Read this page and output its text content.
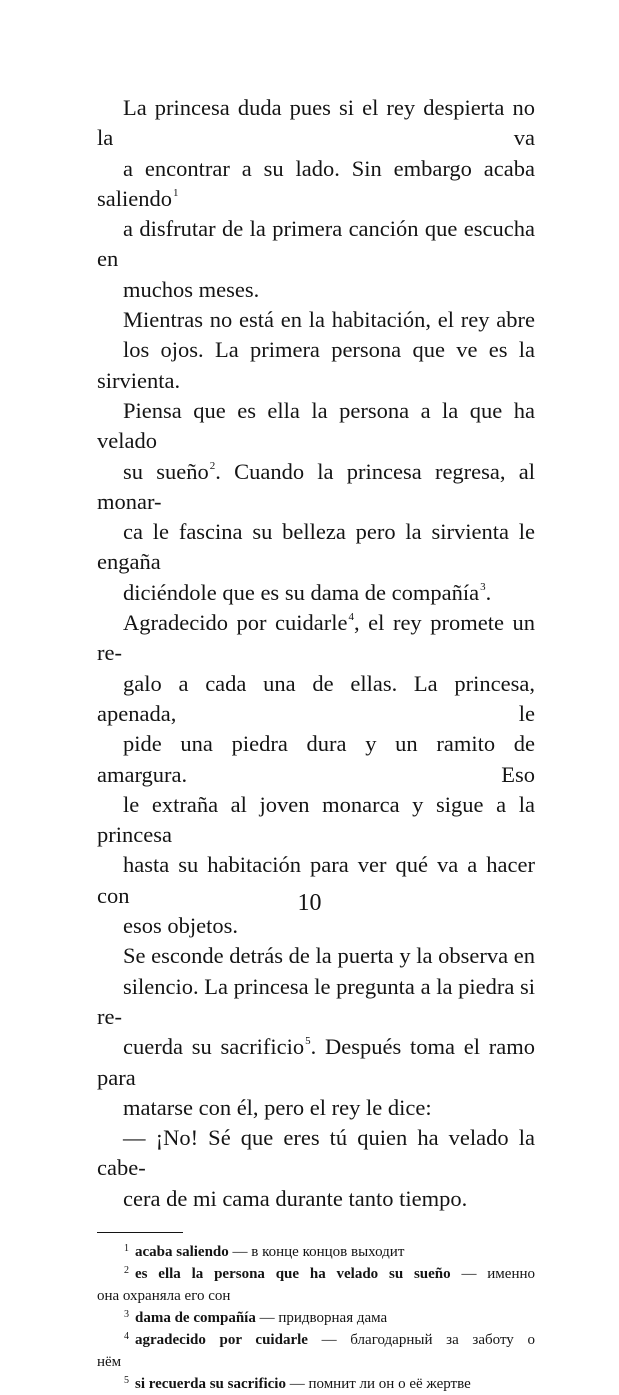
La princesa duda pues si el rey despierta no la va
a encontrar a su lado. Sin embargo acaba saliendo$^1$
a disfrutar de la primera canción que escucha en
muchos meses.

Mientras no está en la habitación, el rey abre
los ojos. La primera persona que ve es la sirvienta.
Piensa que es ella la persona a la que ha velado
su sueño$^2$. Cuando la princesa regresa, al monar-
ca le fascina su belleza pero la sirvienta le engaña
diciéndole que es su dama de compañía$^3$.

Agradecido por cuidarle$^4$, el rey promete un re-
galo a cada una de ellas. La princesa, apenada, le
pide una piedra dura y un ramito de amargura. Eso
le extraña al joven monarca y sigue a la princesa
hasta su habitación para ver qué va a hacer con
esos objetos.

Se esconde detrás de la puerta y la observa en
silencio. La princesa le pregunta a la piedra si re-
cuerda su sacrificio$^5$. Después toma el ramo para
matarse con él, pero el rey le dice:

— ¡No! Sé que eres tú quien ha velado la cabe-
cera de mi cama durante tanto tiempo.

$^1$ acaba saliendo — в конце концов выходит

$^2$ es ella la persona que ha velado su sueño — именно
она охраняла его сон

$^3$ dama de compañía — придворная дама

$^4$ agradecido por cuidarle — благодарный за заботу о
нём

$^5$ si recuerda su sacrificio — помнит ли он о её жертве

10
